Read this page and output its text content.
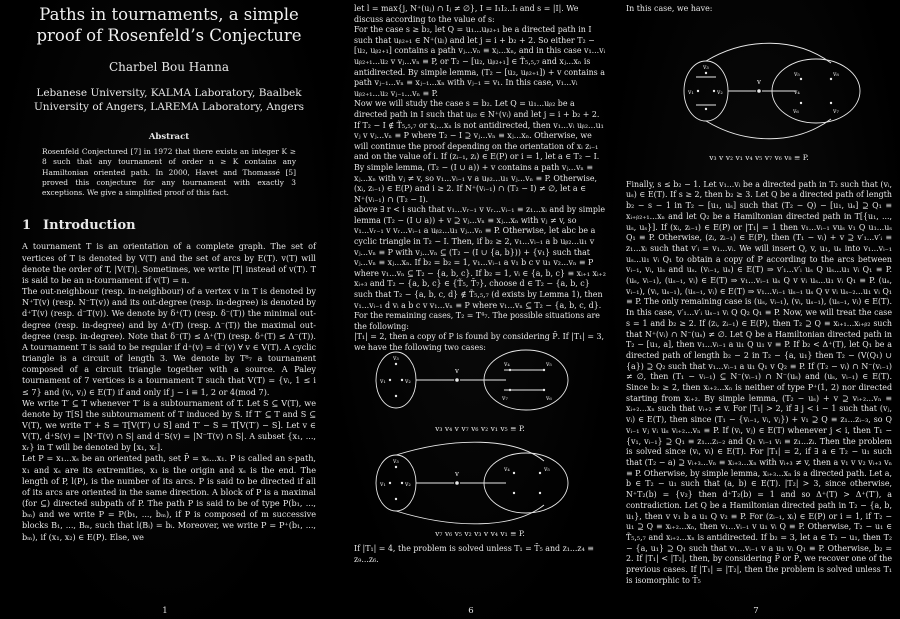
Paths in tournaments, a simple proof of Rosenfeld’s Conjecture
Charbel Bou Hanna
Lebanese University, KALMA Laboratory, Baalbek
University of Angers, LAREMA Laboratory, Angers
Abstract
Rosenfeld Conjectured [7] in 1972 that there exists an integer K ≥ 8 such that any tournament of order n ≥ K contains any Hamiltonian oriented path. In 2000, Havet and Thomassé [5] proved this conjecture for any tournament with exactly 3 exceptions. We give a simplified proof of this fact.
1 Introduction
A tournament T is an orientation of a complete graph. The set of vertices of T is denoted by V(T) and the set of arcs by E(T). v(T) will denote the order of T, |V(T)|. Sometimes, we write |T| instead of v(T). T is said to be an n-tournament if v(T) = n.
The out-neighbour (resp. in-neighbour) of a vertex v in T is denoted by N⁺T(v) (resp. N⁻T(v)) and its out-degree (resp. in-degree) is denoted by d⁺T(v) (resp. d⁻T(v)). We denote by δ⁺(T) (resp. δ⁻(T)) the minimal out-degree (resp. in-degree) and by Δ⁺(T) (resp. Δ⁻(T)) the maximal out-degree (resp. in-degree). Note that δ⁻(T) ≤ Δ⁺(T) (resp. δ⁺(T) ≤ Δ⁻(T)). A tournament T is said to be regular if d⁺(v) = d⁻(v) ∀ v ∈ V(T). A cyclic triangle is a circuit of length 3. We denote by T⁸₇ a tournament composed of a circuit triangle together with a source. A Paley tournament of 7 vertices is a tournament T such that V(T) = {vᵢ, 1 ≤ i ≤ 7} and (vᵢ, vⱼ) ∈ E(T) if and only if j − i ≡ 1, 2 or 4(mod 7).
We write T′ ⊆ T whenever T′ is a subtournament of T. Let S ⊆ V(T), we denote by T[S] the subtournament of T induced by S. If T′ ⊆ T and S ⊆ V(T), we write T′ + S = T[V(T′) ∪ S] and T′ − S = T[V(T′) − S]. Let v ∈ V(T), d⁺S(v) = |N⁺T(v) ∩ S| and d⁻S(v) = |N⁻T(v) ∩ S|. A subset {x₁, ..., xᵣ} in T will be denoted by [x₁, xᵣ].
Let P = x₁...xₛ be an oriented path, set P̄ = xₛ...x₁. P is called an s-path, x₁ and xₛ are its extremities, x₁ is the origin and xₛ is the end. The length of P, l(P), is the number of its arcs. P is said to be directed if all of its arcs are oriented in the same direction. A block of P is a maximal (for ⊆) directed subpath of P. The path P is said to be of type P(b₁, ..., bₘ) and we write P = P(b₁, ..., bₘ), if P is composed of m successive blocks B₁, ..., Bₘ, such that l(Bᵢ) = bᵢ. Moreover, we write P = P⁺(b₁, ..., bₘ), if (x₁, x₂) ∈ E(P). Else, we
1
let l = max{j, N⁺(uⱼ) ∩ Iⱼ ≠ ∅}, I = I₁I₂..Iₜ and s = |I|. We discuss according to the value of s:
For the case s ≥ b₂, let Q = u₁...uᵦ₂₊₁ be a directed path in I such that uᵦ₂₊₁ ∈ N⁺(uₗ) and let j = i + b₂ + 2. So either T₂ − [u₂, uᵦ₂₊₁] contains a path vⱼ...vₙ ≡ xⱼ...xₙ, and in this case v₁...vᵢ uᵦ₂₊₁...u₂ v vⱼ...vₙ ≡ P, or T₂ − [u₂, uᵦ₂₊₁] ∈ T̃₅,₅,₇ and xⱼ...xₙ is antidirected. By simple lemma, (T₂ − [u₂, uᵦ₂₊₁]) + v contains a path vⱼ₋₁...vₙ ≡ xⱼ₋₁...xₙ with vⱼ₋₁ = v₁. In this case, v₁...vᵢ uᵦ₂₊₁...u₂ vⱼ₋₁...vₙ ≡ P.
Now we will study the case s = b₂. Let Q = u₁...uᵦ₂ be a directed path in I such that uᵦ₂ ∈ N⁺(vᵢ) and let j = i + b₂ + 2. If T₂ − I ∉ T̃₅,₅,₇ or xⱼ...xₙ is not antidirected, then v₁...vᵢ uᵦ₂...u₁ vⱼ v vⱼ...vₙ ≡ P where T₂ − I ⊇ vⱼ...vₙ ≡ xⱼ...xₙ. Otherwise, we will continue the proof depending on the orientation of xᵢ zᵢ₋₁ and on the value of i. If (zᵢ₋₁, zᵢ) ∈ E(P) or i = 1, let a ∈ T₂ − I. By simple lemma, (T₂ − (I ∪ a)) + v contains a path vⱼ...vₙ ≡ xⱼ...xₙ with vⱼ ≠ v, so v₁...vᵢ₋₁ v a uᵦ₂...u₁ vⱼ...vₙ ≡ P. Otherwise, (xᵢ, zᵢ₋₁) ∈ E(P) and i ≥ 2. If N⁺(vᵢ₋₁) ∩ (T₂ − I) ≠ ∅, let a ∈ N⁺(vᵢ₋₁) ∩ (T₂ − I).
above ∃ r < i such that v₁...vᵣ₋₁ v vᵣ...vᵢ₋₁ ≡ z₁...xᵢ and by simple lemma (T₂ − (I ∪ a)) + v ⊇ vⱼ...vₙ ≡ xⱼ...xₙ with vⱼ ≠ v, so v₁...vᵣ₋₁ v vᵣ...vᵢ₋₁ a uᵦ₂...u₁ vⱼ...vₙ ≡ P. Otherwise, let abc be a cyclic triangle in T₂ − I. Then, if b₂ ≥ 2, v₁...vᵢ₋₁ a b uᵦ₂...u₁ v vⱼ...vₙ ≡ P with vⱼ...vₙ ⊆ (T₂ − (I ∪ {a, b})) + {v₁} such that vⱼ...vₙ ≡ xⱼ...xₙ. If b₂ = b₂ = 1, v₁...vᵢ₋₁ a v₁ b c v u₁ v₂...vₙ ≡ P where v₁...vₙ ⊆ T₂ − {a, b, c}. If b₂ = 1, vᵢ ∈ {a, b, c} ≡ xᵢ₊₁ xᵢ₊₂ xᵢ₊₃ and T₂ − {a, b, c} ∈ {T̃₅, T̄₇}, choose d ∈ T₂ − {a, b, c} such that T₂ − {a, b, c, d} ∉ T̃₅,₅,₇ (d exists by Lemma 1), then v₁...vᵢ₋₁ d vᵢ a b c v v₁...vₙ ≡ P where v₁...vₙ ⊆ T₂ − {a, b, c, d}.
For the remaining cases, T₂ = T⁴₇. The possible situations are the following:
|T₁| = 2, then a copy of P is found by considering P̄. If |T₁| = 3, we have the following two cases:
v
v₃
v₁	v₂
v₄	v₅
v₇	v₆
v₃ v₄ v v₇ v₆ v₂ v₁ v₅ ≡ P.
v
v₃
v₁	v₂
v₄	v₅
v₇ v₆ v₅ v₂ v₃ v v₄ v₁ ≡ P.
If |T₁| = 4, the problem is solved unless T₁ = T̄₅ and z₁...z₄ ≡ z₉...z₆.
6
In this case, we have:
v
v₃
v₁	v₂
v₅	v₈
v₆	v₇
v₄
v₃ v v₂ v₁ v₄ v₅ v₇ v₆ v₈ ≡ P.
Finally, s ≤ b₂ − 1. Let v₁...vᵢ be a directed path in T₂ such that (vᵢ, uₛ) ∈ E(T). If s ≥ 2, then b₂ ≥ 3. Let Q be a directed path of length b₂ − s − 1 in T₂ − [u₁, uₛ] such that (T₂ − Q) − [u₁, uₛ] ⊇ Q₁ ≡ xᵢ₊ᵦ₂₊₁...xₙ and let Q₂ be a Hamiltonian directed path in T[{u₁, ..., uₛ, uₛ}]. If (xᵢ, zᵢ₋₁) ∈ E(P) or |T₁| = 1 then v₁...vᵢ₋₁ vuₛ v₁ Q u₁...uₛ Q₁ ≡ P. Otherwise, (zᵢ, zᵢ₋₁) ∈ E(P), then (T₁ − vᵢ) + v ⊇ v′₁...v′ᵢ ≡ z₁...xᵢ such that v′ᵢ = v₁...vᵢ. We will insert Q, v, u₁, uₛ into v₁...vᵢ₋₁ uₛ...u₁ vᵢ Q₁ to obtain a copy of P according to the arcs between vᵢ₋₁, vᵢ, uₛ and uₛ. (vᵢ₋₁, uₛ) ∈ E(T) ⇒ v′₁...v′ᵢ uₛ Q uₛ...u₁ vᵢ Q₁ ≡ P. (uₛ, vᵢ₋₁), (uₛ₋₁, vᵢ) ∈ E(T) ⇒ v₁...vᵢ₋₁ uₛ Q v vᵢ uₛ...u₁ vᵢ Q₁ ≡ P. (uₛ, vᵢ₋₁), (vᵢ, uₛ₋₁), (uₛ₋₁, vᵢ) ∈ E(T) ⇒ v₁...vᵢ₋₁ uₛ₋₁ uₛ Q v vᵢ uₛ₋₂...u₁ vᵢ Q₁ ≡ P. The only remaining case is (uₛ, vᵢ₋₁), (vᵢ, uₛ₋₁), (uₛ₋₁, vᵢ) ∈ E(T). In this case, v′₁...v′ᵢ uₛ₋₁ vᵢ Q Q₂ Q₁ ≡ P. Now, we will treat the case s = 1 and b₂ ≥ 2. If (zᵢ, zᵢ₋₁) ∈ E(P), then T₂ ⊇ Q ≡ xᵢ₊₁...xᵢ₊ᵦ₂ such that N⁺(vᵢ) ∩ N⁻(uₛ) ≠ ∅. Let Q be a Hamiltonian directed path in T₂ − [u₁, a], then v₁...vᵢ₋₁ a u₁ Q u₁ v ≡ P. If b₂ < Δ⁺(T), let Q₁ be a directed path of length b₂ − 2 in T₂ − {a, u₁} then T₂ − (V(Q₁) ∪ {a}) ⊇ Q₂ such that v₁...vᵢ₋₁ a u₁ Q₁ v Q₂ ≡ P. If (T₂ − vᵢ) ∩ N⁻(vᵢ₋₁) ≠ ∅, then (T₁ − vᵢ₋₁) ⊆ N⁻(vᵢ₋₁) ∩ N⁻(uₛ) and (uₛ, vᵢ₋₁) ∈ E(T). Since b₂ ≥ 2, then xᵢ₊₂...xₙ is neither of type P⁺(1, 2) nor directed starting from xᵢ₊₂. By simple lemma, (T₂ − uₛ) + v ⊇ vᵢ₊₂...vₙ ≡ xᵢ₊₂...xₙ such that vᵢ₊₂ ≠ v. For |T₁| > 2, if ∃ j < i − 1 such that (vⱼ, vᵢ) ∈ E(T), then since (T₁ − {vᵢ₋₁, vᵢ, vⱼ}) + v₁ ⊇ Q ≡ z₁...zᵢ₋₃, so Q vᵢ₋₁ vⱼ vᵢ uₛ vᵢ₊₂...vₙ ≡ P. If (vᵢ, vⱼ) ∈ E(T) whenever j < i, then T₁ − {v₁, vᵢ₋₁} ⊇ Q₁ ≡ z₁...zᵢ₋₂ and Q₁ vᵢ₋₁ vᵢ ≡ z₁...zᵢ. Then the problem is solved since (vᵢ, vᵢ) ∈ E(T). For |T₁| = 2, if ∃ a ∈ T₂ − u₁ such that (T₂ − a) ⊇ vᵢ₊₃...vₙ ≡ xᵢ₊₃...xₙ with vᵢ₊₃ ≠ v, then a v₁ v v₂ vᵢ₊₃ vₙ ≡ P. Otherwise, by simple lemma, xᵢ₊₃...xₙ is a directed path. Let a, b ∈ T₂ − u₁ such that (a, b) ∈ E(T). |T₂| > 3, since otherwise, N⁺T₂(b) = {v₂} then d⁺T₂(b) = 1 and so Δ⁺(T) > Δ⁺(T′), a contradiction. Let Q be a Hamiltonian directed path in T₂ − {a, b, u₁}, then v v₁ b a u₁ Q v₂ ≡ P. For (zᵢ₋₁, xᵢ) ∈ E(P) or i = 1, if T₂ − u₁ ⊇ Q ≡ xᵢ₊₂...xₙ, then v₁...vᵢ₋₁ v u₁ vᵢ Q ≡ P. Otherwise, T₂ − u₁ ∈ T̃₅,₅,₇ and xᵢ₊₂...xₙ is antidirected. If b₂ = 3, let a ∈ T₂ − u₁, then T₂ − {a, u₁} ⊇ Q₁ such that v₁...vᵢ₋₁ v a u₁ vᵢ Q₁ ≡ P. Otherwise, b₂ = 2. If |T₁| < |T₂|, then, by considering P̄ or P̄, we recover one of the previous cases. If |T₁| = |T₂|, then the problem is solved unless T₁ is isomorphic to T̄₅
7
